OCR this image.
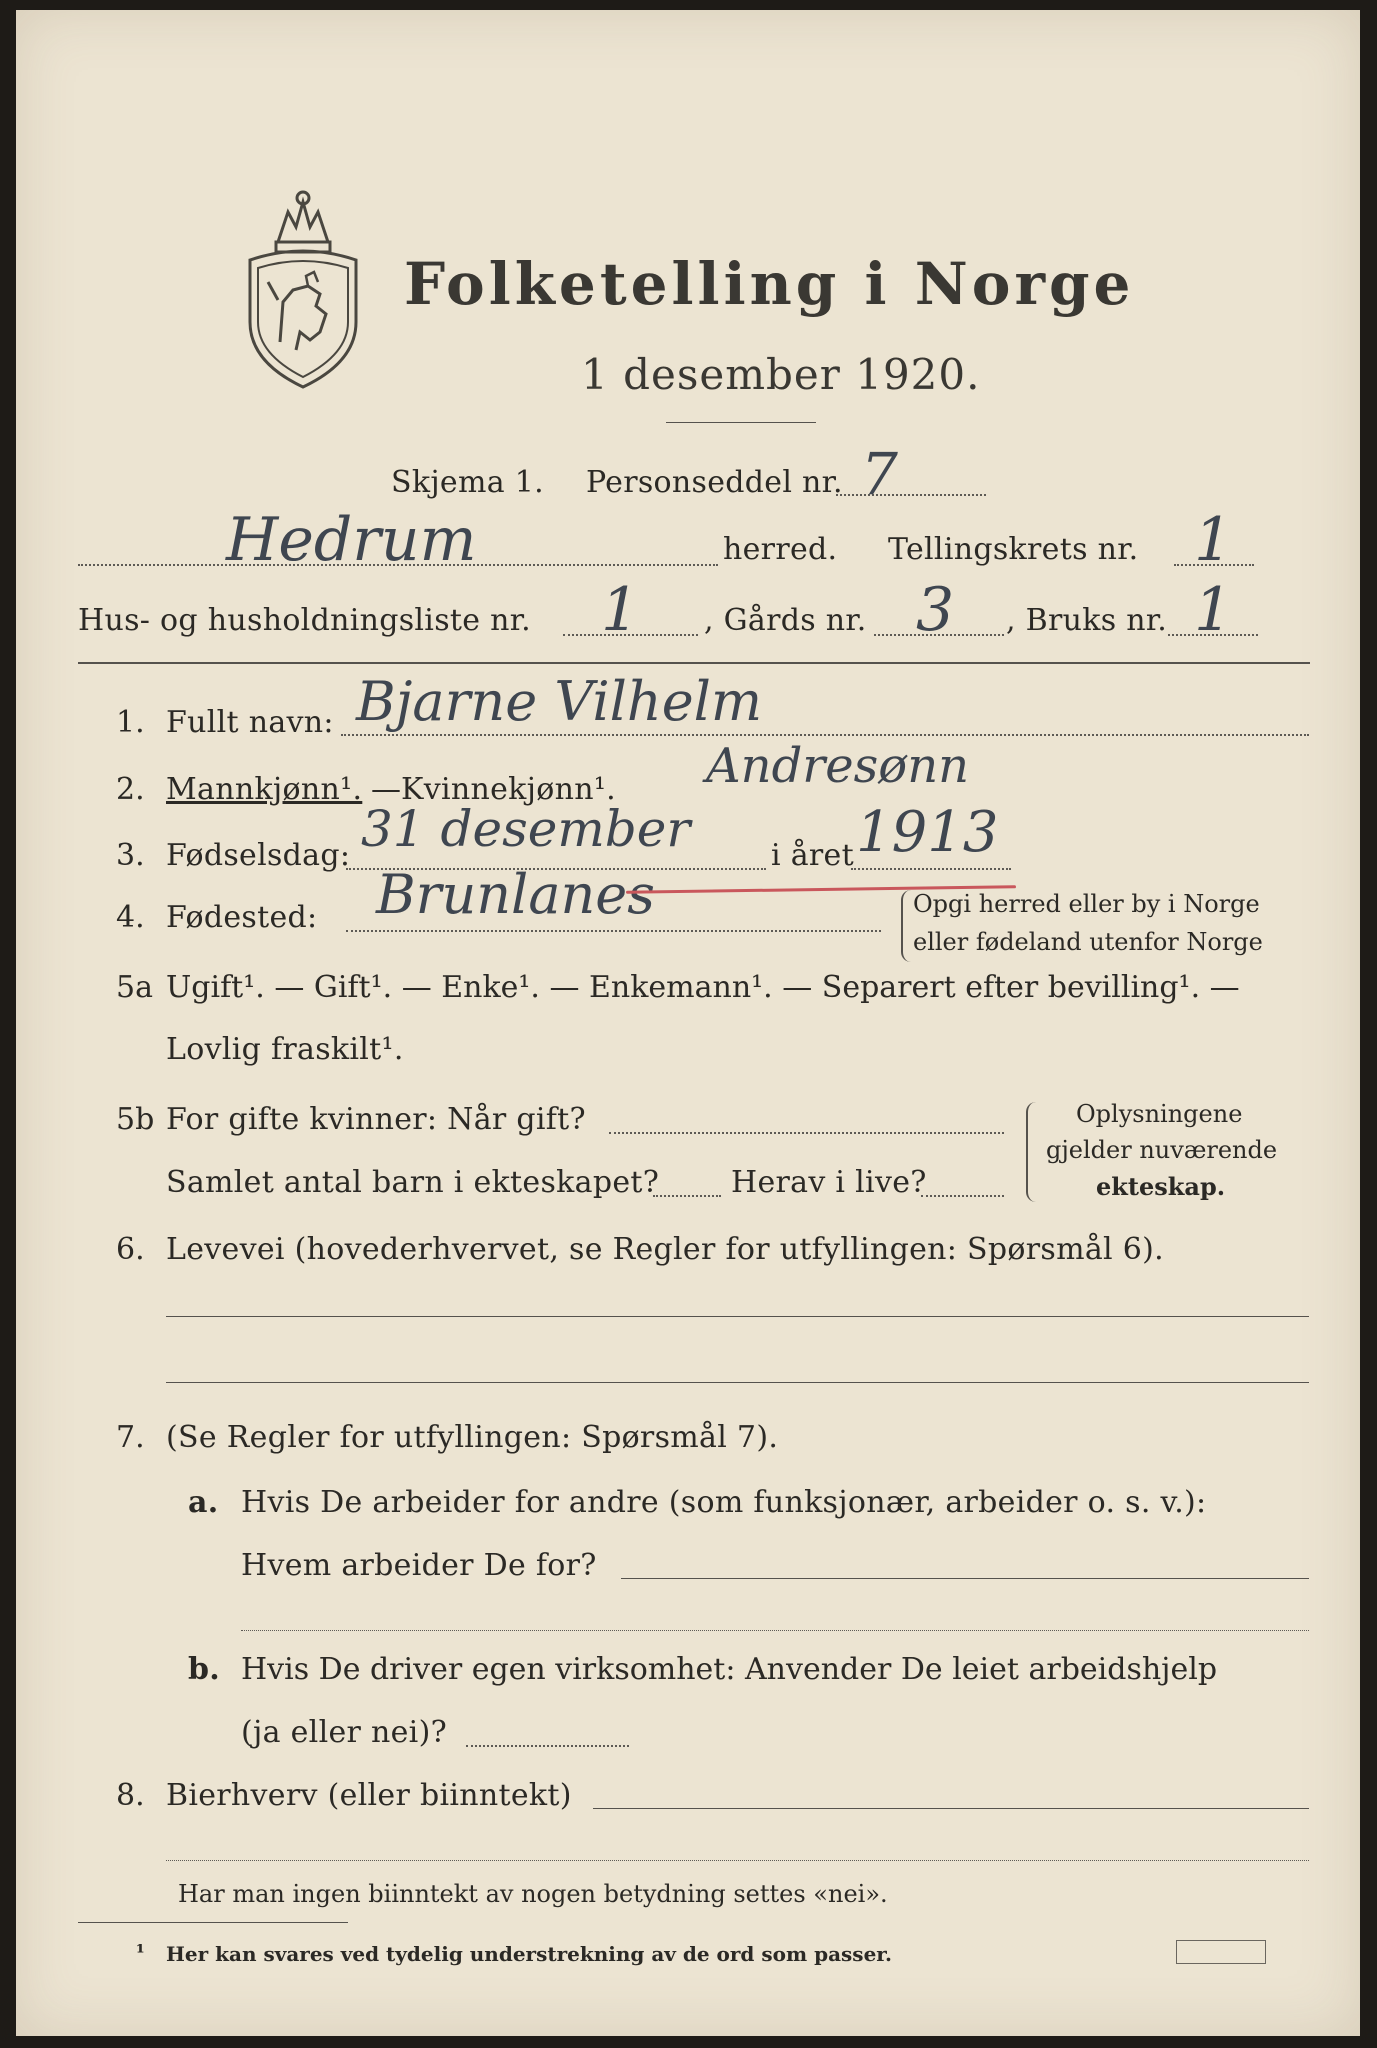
Folketelling i Norge
1 desember 1920.
Skjema 1. Personseddel nr. 7
Hedrum	herred. Tellingskrets nr. 1
Hus- og husholdningsliste nr. 1 , Gårds nr. 3 , Bruks nr. 1
1. Fullt navn: Bjarne Vilhelm
Andresønn
2. Mannkjønn¹. — Kvinnekjønn¹.
3. Fødselsdag: 31 desember	i året 1913
4. Fødested: Brunlanes	Opgi herred eller by i Norge
eller fødeland utenfor Norge
5a Ugift¹. — Gift¹. — Enke¹. — Enkemann¹. — Separert efter bevilling¹. —
Lovlig fraskilt¹.
5b For gifte kvinner: Når gift?
Samlet antal barn i ekteskapet? Herav i live?
Oplysningene
gjelder nuværende
ekteskap.
6. Levevei (hovederhvervet, se Regler for utfyllingen: Spørsmål 6).
7. (Se Regler for utfyllingen: Spørsmål 7).
a. Hvis De arbeider for andre (som funksjonær, arbeider o. s. v.):
Hvem arbeider De for?
b. Hvis De driver egen virksomhet: Anvender De leiet arbeidshjelp
(ja eller nei)?
8. Bierhverv (eller biinntekt)
Har man ingen biinntekt av nogen betydning settes «nei».
¹ Her kan svares ved tydelig understrekning av de ord som passer.
